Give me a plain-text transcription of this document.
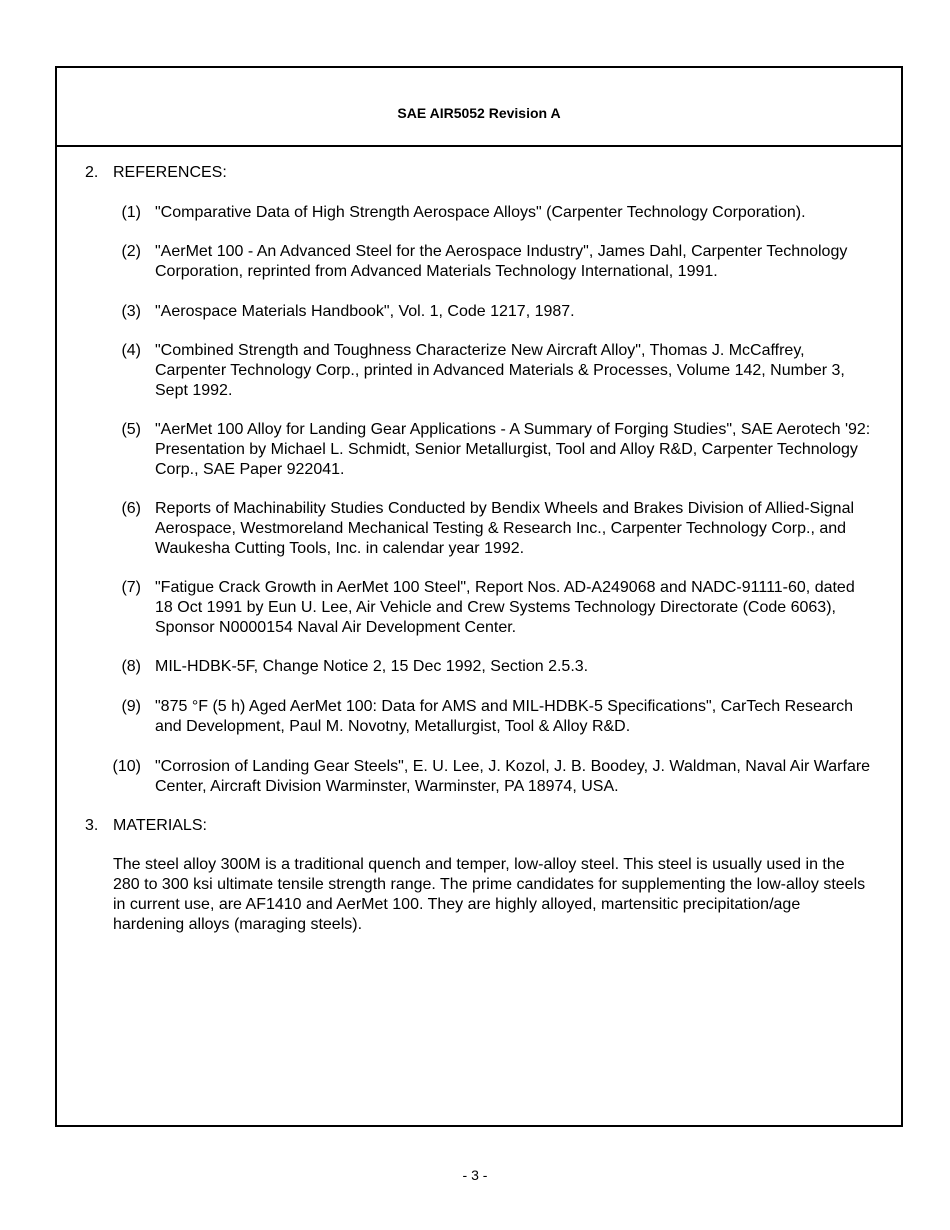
SAE AIR5052 Revision A
2. REFERENCES:
(1) "Comparative Data of High Strength Aerospace Alloys" (Carpenter Technology Corporation).
(2) "AerMet 100 - An Advanced Steel for the Aerospace Industry", James Dahl, Carpenter Technology Corporation, reprinted from Advanced Materials Technology International, 1991.
(3) "Aerospace Materials Handbook", Vol. 1, Code 1217, 1987.
(4) "Combined Strength and Toughness Characterize New Aircraft Alloy", Thomas J. McCaffrey, Carpenter Technology Corp., printed in Advanced Materials & Processes, Volume 142, Number 3, Sept 1992.
(5) "AerMet 100 Alloy for Landing Gear Applications - A Summary of Forging Studies", SAE Aerotech '92: Presentation by Michael L. Schmidt, Senior Metallurgist, Tool and Alloy R&D, Carpenter Technology Corp., SAE Paper 922041.
(6) Reports of Machinability Studies Conducted by Bendix Wheels and Brakes Division of Allied-Signal Aerospace, Westmoreland Mechanical Testing & Research Inc., Carpenter Technology Corp., and Waukesha Cutting Tools, Inc. in calendar year 1992.
(7) "Fatigue Crack Growth in AerMet 100 Steel", Report Nos. AD-A249068 and NADC-91111-60, dated 18 Oct 1991 by Eun U. Lee, Air Vehicle and Crew Systems Technology Directorate (Code 6063), Sponsor N0000154 Naval Air Development Center.
(8) MIL-HDBK-5F, Change Notice 2, 15 Dec 1992, Section 2.5.3.
(9) "875 °F (5 h) Aged AerMet 100: Data for AMS and MIL-HDBK-5 Specifications", CarTech Research and Development, Paul M. Novotny, Metallurgist, Tool & Alloy R&D.
(10) "Corrosion of Landing Gear Steels", E. U. Lee, J. Kozol, J. B. Boodey, J. Waldman, Naval Air Warfare Center, Aircraft Division Warminster, Warminster, PA 18974, USA.
3. MATERIALS:
The steel alloy 300M is a traditional quench and temper, low-alloy steel. This steel is usually used in the 280 to 300 ksi ultimate tensile strength range. The prime candidates for supplementing the low-alloy steels in current use, are AF1410 and AerMet 100. They are highly alloyed, martensitic precipitation/age hardening alloys (maraging steels).
- 3 -
